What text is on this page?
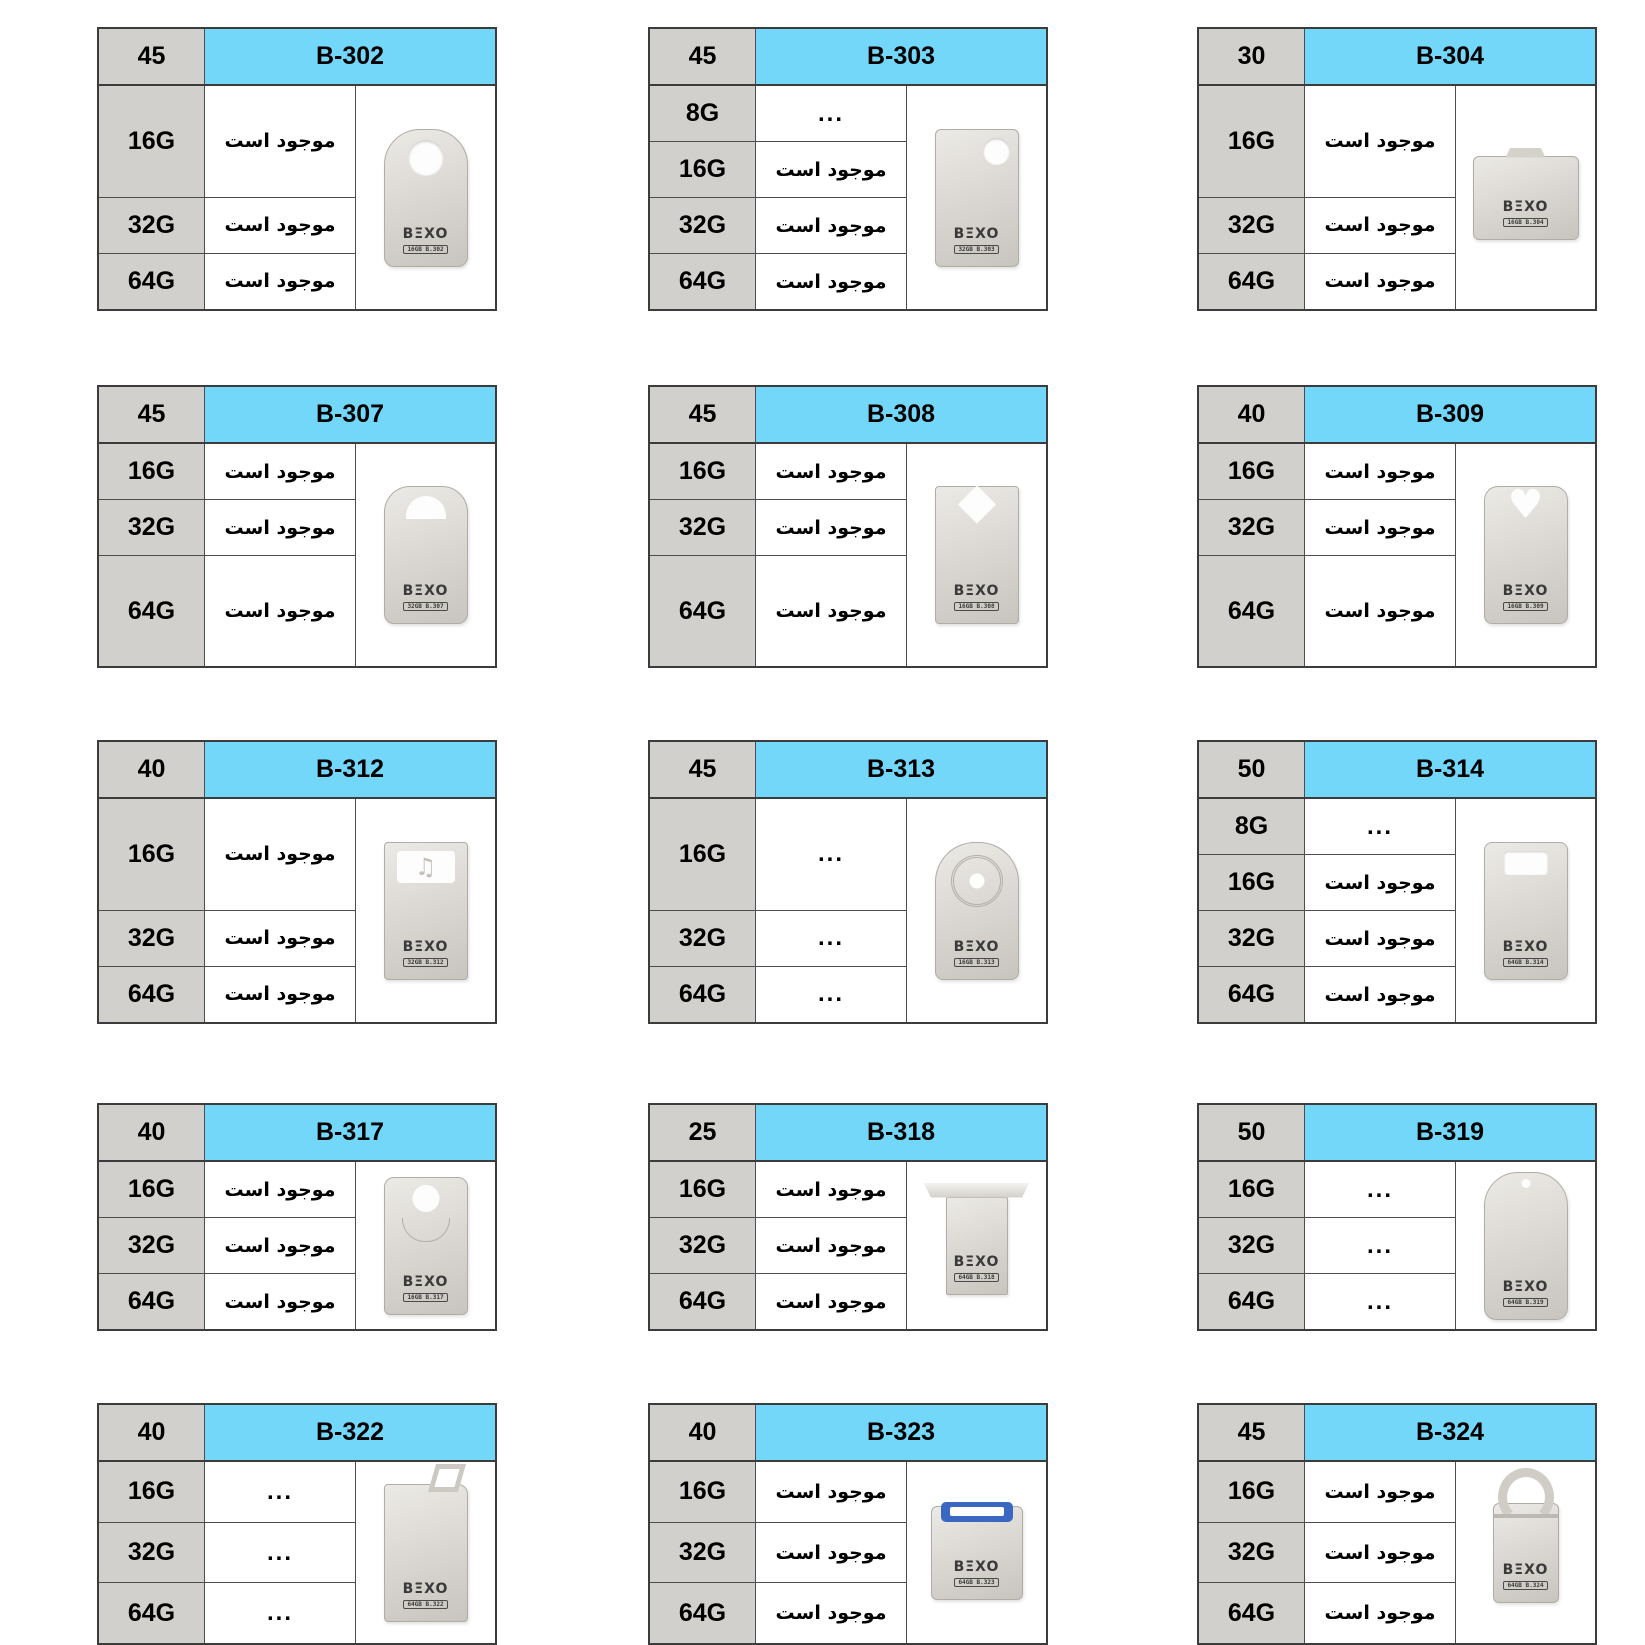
45	B-302
16G	موجود است
32G	موجود است
64G	موجود است
BΞXO
16GB B.302
45	B-303
8G	...
16G	موجود است
32G	موجود است
64G	موجود است
BΞXO
32GB B.303
30	B-304
16G	موجود است
32G	موجود است
64G	موجود است
BΞXO
16GB B.304
45	B-307
16G	موجود است
32G	موجود است
64G	موجود است
BΞXO
32GB B.307
45	B-308
16G	موجود است
32G	موجود است
64G	موجود است
BΞXO
16GB B.308
40	B-309
16G	موجود است
32G	موجود است
64G	موجود است
♥ BΞXO
16GB B.309
40	B-312
16G	موجود است
32G	موجود است
64G	موجود است
♫ BΞXO
32GB B.312
45	B-313
16G	...
32G	...
64G	...
BΞXO
16GB B.313
50	B-314
8G	...
16G	موجود است
32G	موجود است
64G	موجود است
BΞXO
64GB B.314
40	B-317
16G	موجود است
32G	موجود است
64G	موجود است
BΞXO
16GB B.317
25	B-318
16G	موجود است
32G	موجود است
64G	موجود است
BΞXO
64GB B.318
50	B-319
16G	...
32G	...
64G	...
BΞXO
64GB B.319
40	B-322
16G	...
32G	...
64G	...
BΞXO
64GB B.322
40	B-323
16G	موجود است
32G	موجود است
64G	موجود است
BΞXO
64GB B.323
45	B-324
16G	موجود است
32G	موجود است
64G	موجود است
BΞXO
64GB B.324
